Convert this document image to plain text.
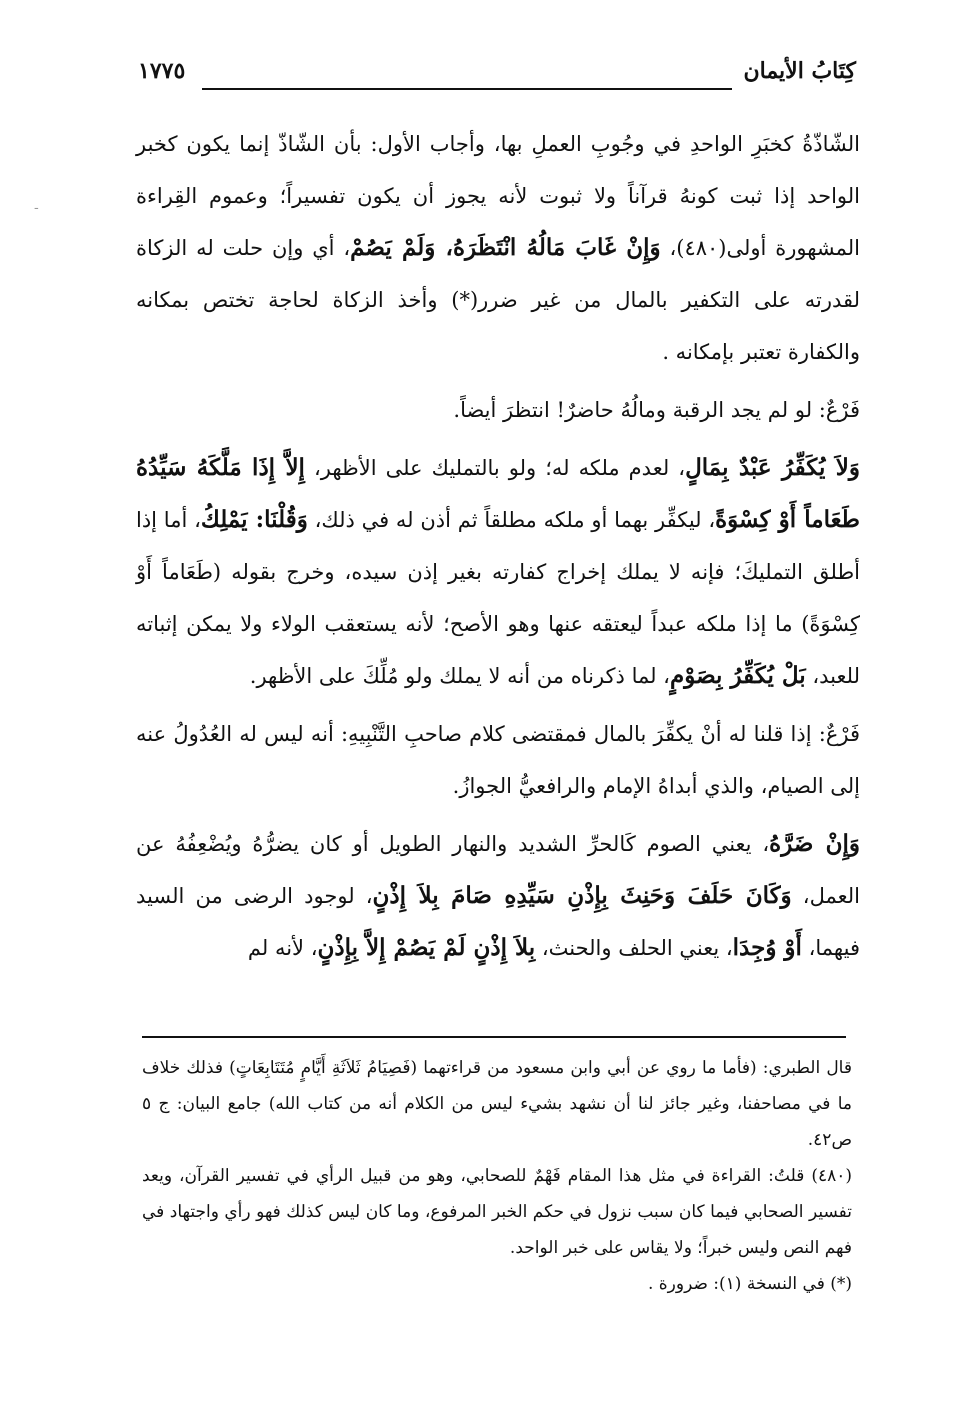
كِتَابُ الأيمان
١٧٧٥

الشّاذّةُ كخبَرِ الواحدِ في وجُوبِ العملِ بها، وأجاب الأول: بأن الشّاذّ إنما يكون كخبر الواحد إذا ثبت كونهُ قرآناً ولا ثبوت لأنه يجوز أن يكون تفسيراً؛ وعموم القِراءة المشهورة أولى(٤٨٠)، وَإِنْ غَابَ مَالُهُ انْتَظَرَهُ، وَلَمْ يَصُمْ، أي وإن حلت له الزكاة لقدرته على التكفير بالمال من غير ضرر(*) وأخذ الزكاة لحاجة تختص بمكانه والكفارة تعتبر بإمكانه .

فَرْعٌ: لو لم يجد الرقبة ومالُهُ حاضرٌ! انتظرَ أيضاً.

وَلاَ يُكَفِّرُ عَبْدٌ بِمَالٍ، لعدم ملكه له؛ ولو بالتمليك على الأظهر، إِلاَّ إِذَا مَلَّكَهُ سَيِّدُهُ طَعَاماً أَوْ كِسْوَةً، ليكفِّر بهما أو ملكه مطلقاً ثم أذن له في ذلك، وَقُلْنَا: يَمْلِكُ، أما إذا أطلق التمليكَ؛ فإنه لا يملك إخراج كفارته بغير إذن سيده، وخرج بقوله (طَعَاماً أَوْ كِسْوَةً) ما إذا ملكه عبداً ليعتقه عنها وهو الأصح؛ لأنه يستعقب الولاء ولا يمكن إثباته للعبد، بَلْ يُكَفِّرُ بِصَوْمٍ، لما ذكرناه من أنه لا يملك ولو مُلِّكَ على الأظهر.

فَرْعٌ: إذا قلنا له أنْ يكفِّرَ بالمال فمقتضى كلام صاحبِ التَّنْبِيهِ: أنه ليس له العُدُولُ عنه إلى الصيام، والذي أبداهُ الإمام والرافعيُّ الجوازُ.

وَإِنْ ضَرَّهُ، يعني الصوم كَالحرِّ الشديد والنهار الطويل أو كان يضرُّهُ ويُضْعِفُهُ عن العمل، وَكَانَ حَلَفَ وَحَنِثَ بِإِذْنِ سَيِّدِهِ صَامَ بِلاَ إِذْنٍ، لوجود الرضى من السيد فيهما، أَوْ وُجِدَا، يعني الحلف والحنث، بِلاَ إِذْنٍ لَمْ يَصُمْ إِلاَّ بِإِذْنٍ، لأنه لم

قال الطبري: (فأما ما روي عن أبي وابن مسعود من قراءتهما (فَصِيَامُ ثَلاَثَةِ أَيَّامٍ مُتَتَابِعَاتٍ) فذلك خلاف ما في مصاحفنا، وغير جائز لنا أن نشهد بشيء ليس من الكلام أنه من كتاب الله) جامع البيان: ج ٥ ص٤٢.

(٤٨٠) قلتُ: القراءة في مثل هذا المقام فَهْمٌ للصحابي، وهو من قبيل الرأي في تفسير القرآن، ويعد تفسير الصحابي فيما كان سبب نزول في حكم الخبر المرفوع، وما كان ليس كذلك فهو رأي واجتهاد في فهم النص وليس خبراً؛ ولا يقاس على خبر الواحد.

(*) في النسخة (١): ضرورة .

-
